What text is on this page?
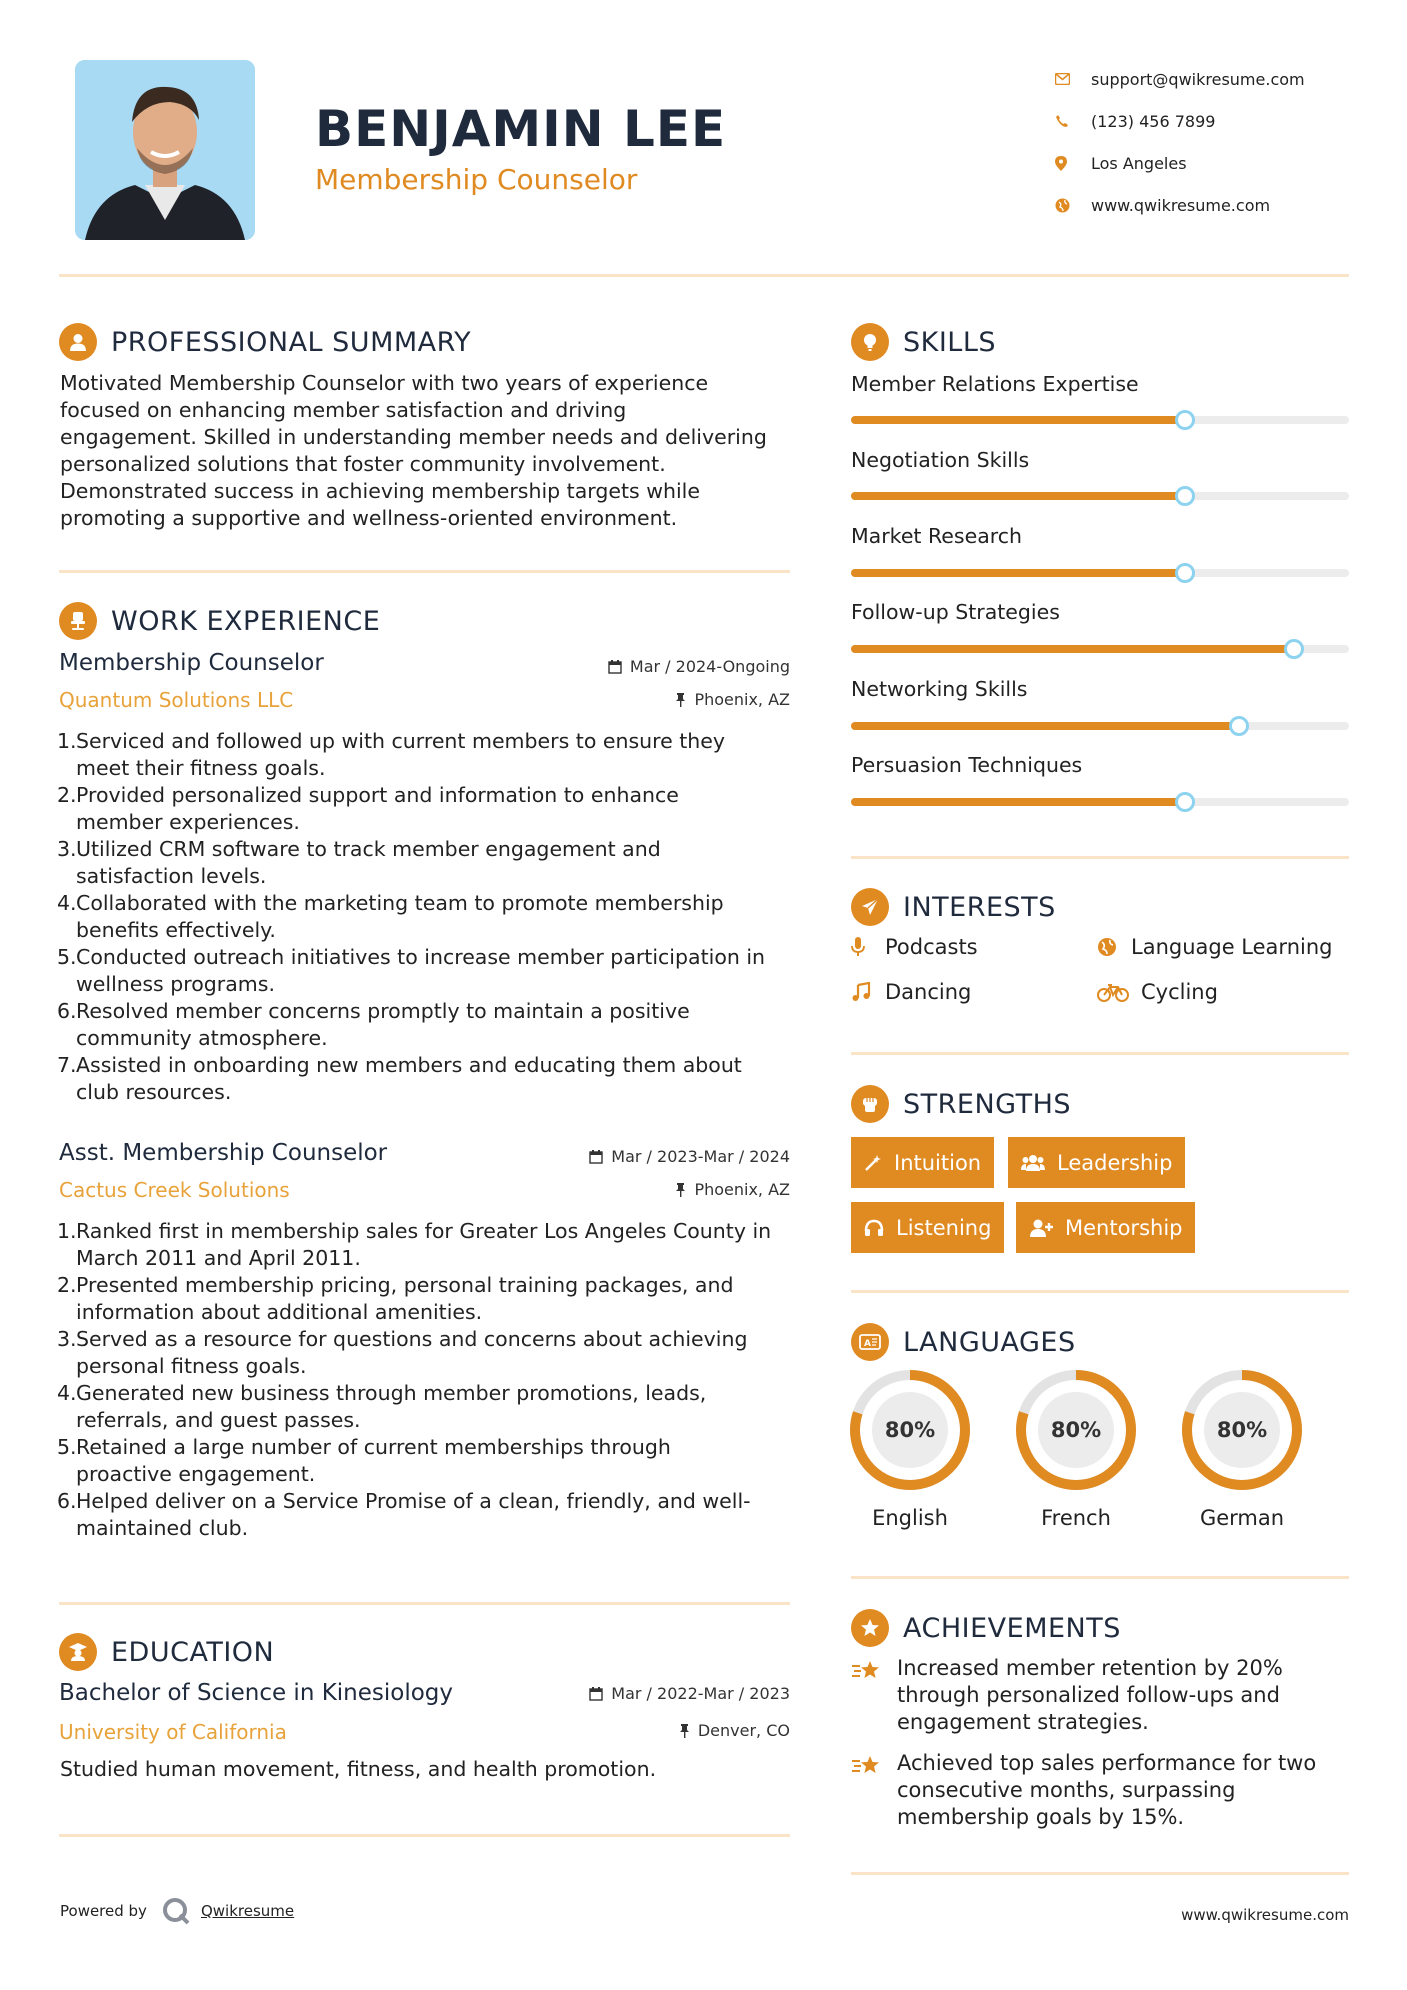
BENJAMIN LEE
Membership Counselor
support@qwikresume.com
(123) 456 7899
Los Angeles
www.qwikresume.com
PROFESSIONAL SUMMARY
Motivated Membership Counselor with two years of experience
focused on enhancing member satisfaction and driving
engagement. Skilled in understanding member needs and delivering
personalized solutions that foster community involvement.
Demonstrated success in achieving membership targets while
promoting a supportive and wellness-oriented environment.
WORK EXPERIENCE
Membership Counselor
Quantum Solutions LLC
Mar / 2024-Ongoing
Phoenix, AZ
1. Serviced and followed up with current members to ensure they
meet their fitness goals.
2. Provided personalized support and information to enhance
member experiences.
3. Utilized CRM software to track member engagement and
satisfaction levels.
4. Collaborated with the marketing team to promote membership
benefits effectively.
5. Conducted outreach initiatives to increase member participation in
wellness programs.
6. Resolved member concerns promptly to maintain a positive
community atmosphere.
7. Assisted in onboarding new members and educating them about
club resources.
Asst. Membership Counselor
Cactus Creek Solutions
Mar / 2023-Mar / 2024
Phoenix, AZ
1. Ranked first in membership sales for Greater Los Angeles County in
March 2011 and April 2011.
2. Presented membership pricing, personal training packages, and
information about additional amenities.
3. Served as a resource for questions and concerns about achieving
personal fitness goals.
4. Generated new business through member promotions, leads,
referrals, and guest passes.
5. Retained a large number of current memberships through
proactive engagement.
6. Helped deliver on a Service Promise of a clean, friendly, and well-
maintained club.
EDUCATION
Bachelor of Science in Kinesiology
University of California
Mar / 2022-Mar / 2023
Denver, CO
Studied human movement, fitness, and health promotion.
SKILLS
Member Relations Expertise
Negotiation Skills
Market Research
Follow-up Strategies
Networking Skills
Persuasion Techniques
INTERESTS
Podcasts	Language Learning
Dancing	Cycling
STRENGTHS
Intuition	Leadership
Listening	Mentorship
A LANGUAGES
80%
English
80%
French
80%
German
ACHIEVEMENTS
Increased member retention by 20%
through personalized follow-ups and
engagement strategies.
Achieved top sales performance for two
consecutive months, surpassing
membership goals by 15%.
Powered by	Qwikresume	www.qwikresume.com
